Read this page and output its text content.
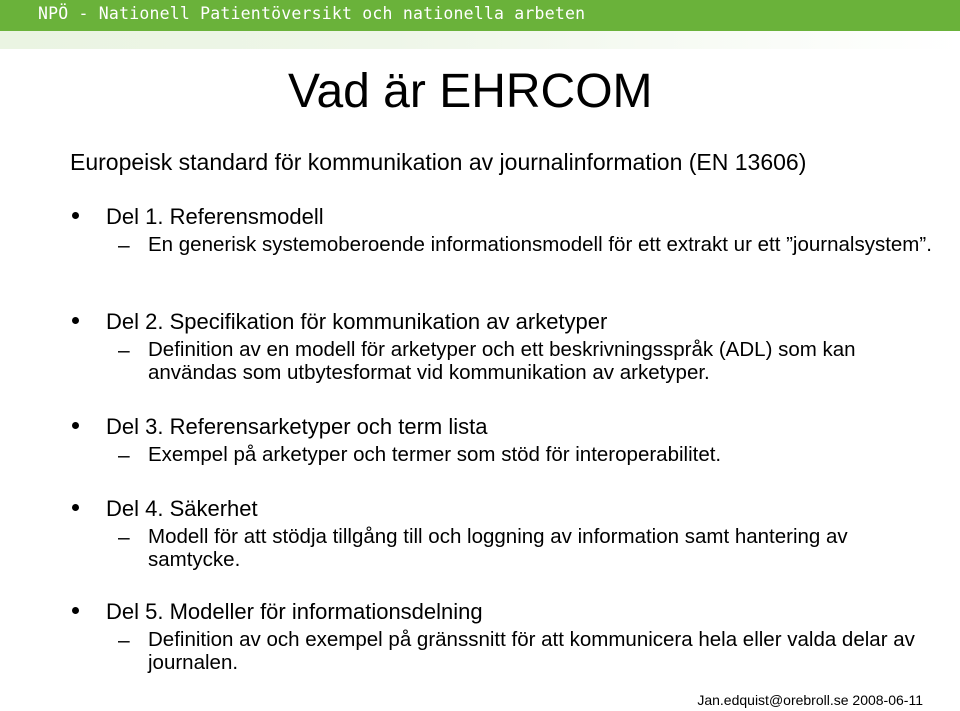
NPÖ - Nationell Patientöversikt och nationella arbeten
Vad är EHRCOM
Europeisk standard för kommunikation av journalinformation (EN 13606)
Del 1. Referensmodell
– En generisk systemoberoende informationsmodell för ett extrakt ur ett ”journalsystem”.
Del 2. Specifikation för kommunikation av arketyper
– Definition av en modell för arketyper och ett beskrivningsspråk (ADL) som kan användas som utbytesformat vid kommunikation av arketyper.
Del 3. Referensarketyper och term lista
– Exempel på arketyper och termer som stöd för interoperabilitet.
Del 4. Säkerhet
– Modell för att stödja tillgång till och loggning av information samt hantering av samtycke.
Del 5. Modeller för informationsdelning
– Definition av och exempel på gränssnitt för att kommunicera hela eller valda delar av journalen.
Jan.edquist@orebroll.se 2008-06-11
